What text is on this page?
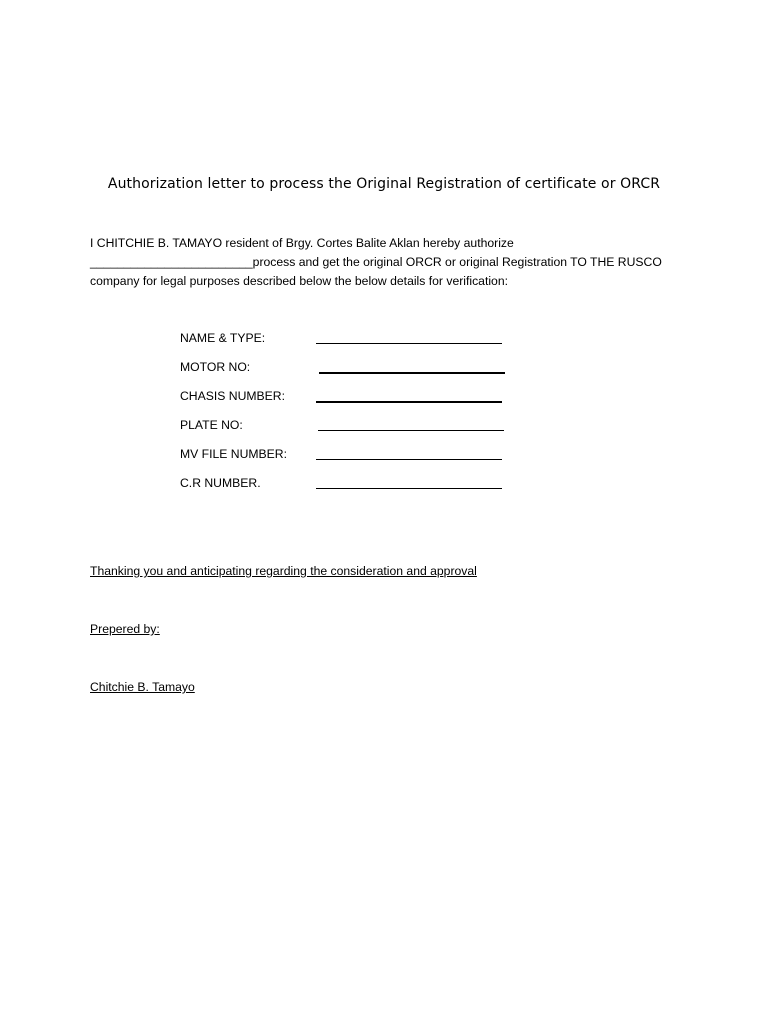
Authorization letter to process the Original Registration of certificate or ORCR
I CHITCHIE B. TAMAYO resident of Brgy. Cortes Balite Aklan hereby authorize
________________________process and get the original ORCR or original Registration TO THE RUSCO
company for legal purposes described below the below details for verification:
NAME & TYPE:
MOTOR NO:
CHASIS NUMBER:
PLATE NO:
MV FILE NUMBER:
C.R NUMBER.
Thanking you and anticipating regarding the consideration and approval
Prepered by:
Chitchie B. Tamayo
